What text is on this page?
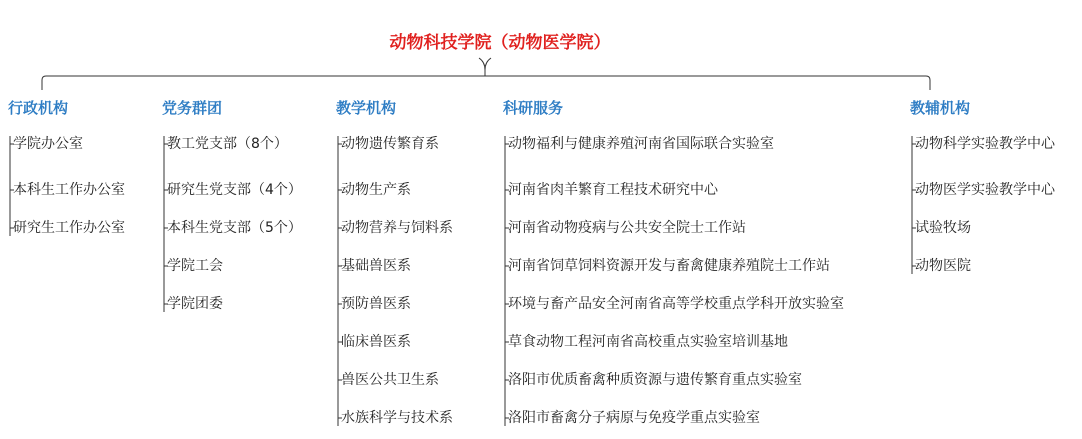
动物科技学院（动物医学院）
行政机构
学院办公室
本科生工作办公室
研究生工作办公室
党务群团
教工党支部（8个）
研究生党支部（4个）
本科生党支部（5个）
学院工会
学院团委
教学机构
动物遗传繁育系
动物生产系
动物营养与饲料系
基础兽医系
预防兽医系
临床兽医系
兽医公共卫生系
水族科学与技术系
科研服务
动物福利与健康养殖河南省国际联合实验室
河南省肉羊繁育工程技术研究中心
河南省动物疫病与公共安全院士工作站
河南省饲草饲料资源开发与畜禽健康养殖院士工作站
环境与畜产品安全河南省高等学校重点学科开放实验室
草食动物工程河南省高校重点实验室培训基地
洛阳市优质畜禽种质资源与遗传繁育重点实验室
洛阳市畜禽分子病原与免疫学重点实验室
教辅机构
动物科学实验教学中心
动物医学实验教学中心
试验牧场
动物医院
